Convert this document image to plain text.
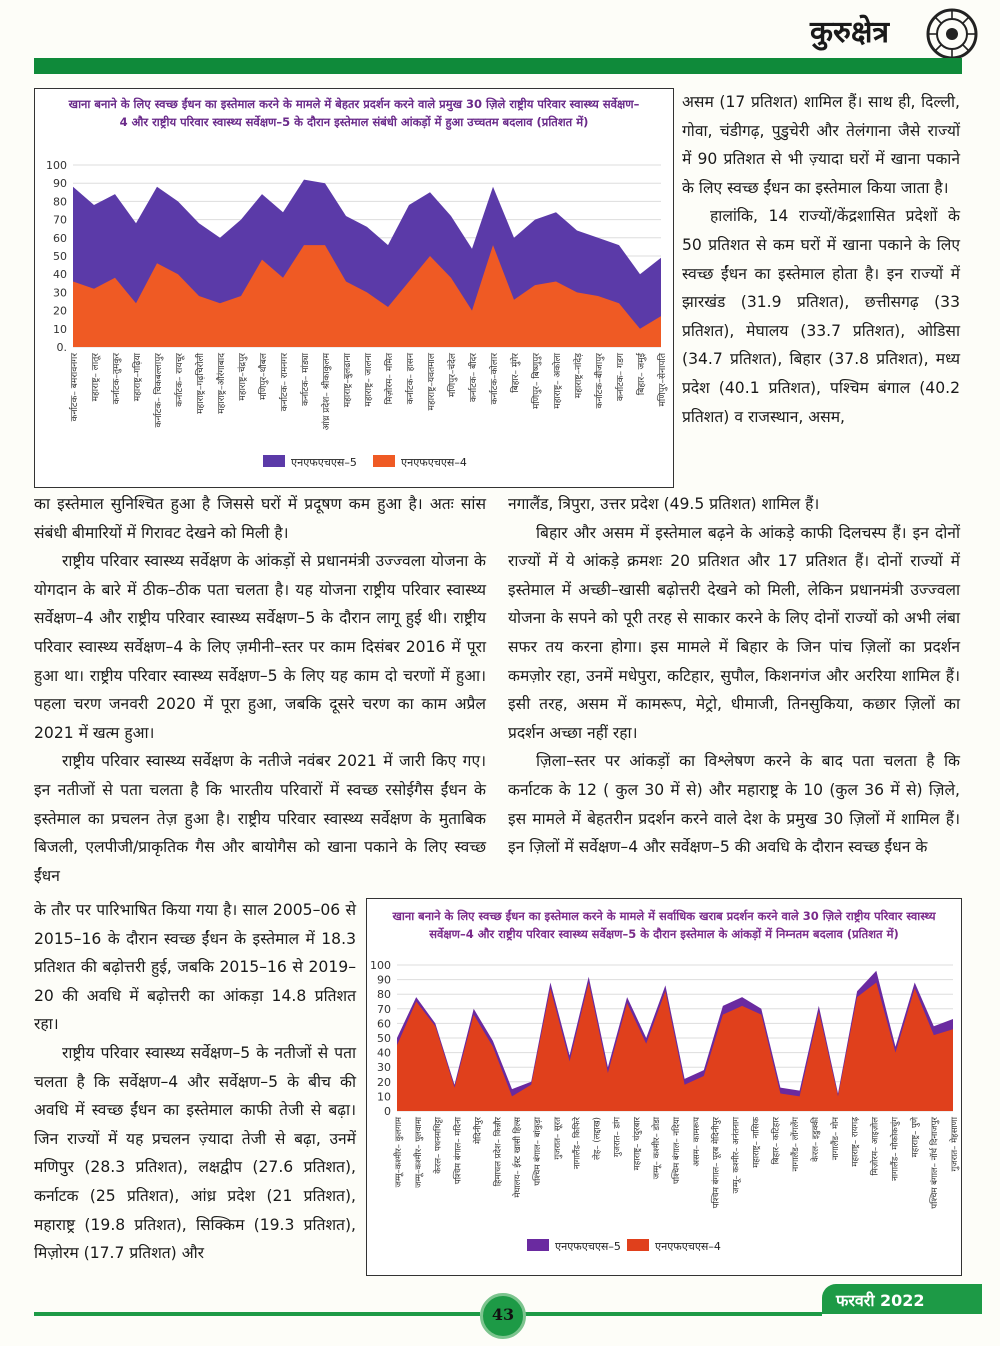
कुरुक्षेत्र
खाना बनाने के लिए स्वच्छ ईंधन का इस्तेमाल करने के मामले में बेहतर प्रदर्शन करने वाले प्रमुख 30 ज़िले राष्ट्रीय परिवार स्वास्थ्य सर्वेक्षण–4 और राष्ट्रीय परिवार स्वास्थ्य सर्वेक्षण–5 के दौरान इस्तेमाल संबंधी आंकड़ों में हुआ उच्चतम बदलाव (प्रतिशत में)
0.
10
20
30
40
50
60
70
80
90
100
कर्नाटक– बमरावनगर महाराष्ट्र– लातूर कर्नाटक–तुमकुर महाराष्ट्र–गढ़िया कर्नाटक– चिकबल्लापुर कर्नाटक– रायचूर महाराष्ट्र–गढ़चिरोली महाराष्ट्र–औरंगाबाद महाराष्ट्र–चंद्रपुर मणिपुर–थौबल कर्नाटक– रामनगर कर्नाटक– मांड्या आंध्र प्रदेश– श्रीकाकुलम महाराष्ट्र–बुलढाना महाराष्ट्र– जालना मिज़ोरम– ममित कर्नाटक– हासन महाराष्ट्र–यवतमाल मणिपुर–चंदेल कर्नाटक– बीदर कर्नाटक–कोलार बिहार– मुंगेर मणिपुर– बिष्णुपुर महाराष्ट्र– अकोला महाराष्ट्र–नांदेड़ कर्नाटक–बीजापुर कर्नाटक– गडग बिहार– जमुई मणिपुर–सेनापति
एनएफएचएस–5	एनएफएचएस–4

असम (17 प्रतिशत) शामिल हैं। साथ ही, दिल्ली, गोवा, चंडीगढ़, पुडुचेरी और तेलंगाना जैसे राज्यों में 90 प्रतिशत से भी ज़्यादा घरों में खाना पकाने के लिए स्वच्छ ईंधन का इस्तेमाल किया जाता है।

हालांकि, 14 राज्यों/केंद्रशासित प्रदेशों के 50 प्रतिशत से कम घरों में खाना पकाने के लिए स्वच्छ ईंधन का इस्तेमाल होता है। इन राज्यों में झारखंड (31.9 प्रतिशत), छत्तीसगढ़ (33 प्रतिशत), मेघालय (33.7 प्रतिशत), ओडिसा (34.7 प्रतिशत), बिहार (37.8 प्रतिशत), मध्य प्रदेश (40.1 प्रतिशत), पश्चिम बंगाल (40.2 प्रतिशत) व राजस्थान, असम,

का इस्तेमाल सुनिश्चित हुआ है जिससे घरों में प्रदूषण कम हुआ है। अतः सांस संबंधी बीमारियों में गिरावट देखने को मिली है।

राष्ट्रीय परिवार स्वास्थ्य सर्वेक्षण के आंकड़ों से प्रधानमंत्री उज्ज्वला योजना के योगदान के बारे में ठीक–ठीक पता चलता है। यह योजना राष्ट्रीय परिवार स्वास्थ्य सर्वेक्षण–4 और राष्ट्रीय परिवार स्वास्थ्य सर्वेक्षण–5 के दौरान लागू हुई थी। राष्ट्रीय परिवार स्वास्थ्य सर्वेक्षण–4 के लिए ज़मीनी–स्तर पर काम दिसंबर 2016 में पूरा हुआ था। राष्ट्रीय परिवार स्वास्थ्य सर्वेक्षण–5 के लिए यह काम दो चरणों में हुआ। पहला चरण जनवरी 2020 में पूरा हुआ, जबकि दूसरे चरण का काम अप्रैल 2021 में खत्म हुआ।

राष्ट्रीय परिवार स्वास्थ्य सर्वेक्षण के नतीजे नवंबर 2021 में जारी किए गए। इन नतीजों से पता चलता है कि भारतीय परिवारों में स्वच्छ रसोईगैस ईंधन के इस्तेमाल का प्रचलन तेज़ हुआ है। राष्ट्रीय परिवार स्वास्थ्य सर्वेक्षण के मुताबिक बिजली, एलपीजी/प्राकृतिक गैस और बायोगैस को खाना पकाने के लिए स्वच्छ ईंधन

नगालैंड, त्रिपुरा, उत्तर प्रदेश (49.5 प्रतिशत) शामिल हैं।

बिहार और असम में इस्तेमाल बढ़ने के आंकड़े काफी दिलचस्प हैं। इन दोनों राज्यों में ये आंकड़े क्रमशः 20 प्रतिशत और 17 प्रतिशत हैं। दोनों राज्यों में इस्तेमाल में अच्छी–खासी बढ़ोत्तरी देखने को मिली, लेकिन प्रधानमंत्री उज्ज्वला योजना के सपने को पूरी तरह से साकार करने के लिए दोनों राज्यों को अभी लंबा सफर तय करना होगा। इस मामले में बिहार के जिन पांच ज़िलों का प्रदर्शन कमज़ोर रहा, उनमें मधेपुरा, कटिहार, सुपौल, किशनगंज और अररिया शामिल हैं। इसी तरह, असम में कामरूप, मेट्रो, धीमाजी, तिनसुकिया, कछार ज़िलों का प्रदर्शन अच्छा नहीं रहा।

ज़िला–स्तर पर आंकड़ों का विश्लेषण करने के बाद पता चलता है कि कर्नाटक के 12 ( कुल 30 में से) और महाराष्ट्र के 10 (कुल 36 में से) ज़िले, इस मामले में बेहतरीन प्रदर्शन करने वाले देश के प्रमुख 30 ज़िलों में शामिल हैं। इन ज़िलों में सर्वेक्षण–4 और सर्वेक्षण–5 की अवधि के दौरान स्वच्छ ईंधन के

के तौर पर पारिभाषित किया गया है। साल 2005–06 से 2015–16 के दौरान स्वच्छ ईंधन के इस्तेमाल में 18.3 प्रतिशत की बढ़ोत्तरी हुई, जबकि 2015–16 से 2019–20 की अवधि में बढ़ोत्तरी का आंकड़ा 14.8 प्रतिशत रहा।

राष्ट्रीय परिवार स्वास्थ्य सर्वेक्षण–5 के नतीजों से पता चलता है कि सर्वेक्षण–4 और सर्वेक्षण–5 के बीच की अवधि में स्वच्छ ईंधन का इस्तेमाल काफी तेजी से बढ़ा। जिन राज्यों में यह प्रचलन ज़्यादा तेजी से बढ़ा, उनमें मणिपुर (28.3 प्रतिशत), लक्षद्वीप (27.6 प्रतिशत), कर्नाटक (25 प्रतिशत), आंध्र प्रदेश (21 प्रतिशत), महाराष्ट्र (19.8 प्रतिशत), सिक्किम (19.3 प्रतिशत), मिज़ोरम (17.7 प्रतिशत) और

खाना बनाने के लिए स्वच्छ ईंधन का इस्तेमाल करने के मामले में सर्वाधिक खराब प्रदर्शन करने वाले 30 ज़िले राष्ट्रीय परिवार स्वास्थ्य सर्वेक्षण–4 और राष्ट्रीय परिवार स्वास्थ्य सर्वेक्षण–5 के दौरान इस्तेमाल के आंकड़ों में निम्नतम बदलाव (प्रतिशत में)
0
10
20
30
40
50
60
70
80
90
100
जम्मू–कश्मीर– कुलगाम जम्मू–कश्मीर– पुलवामा केरल– पथनमथिट्टा पश्चिम बंगाल– मदिना मेदिनीपुर हिमाचल प्रदेश– किन्नौर मेघालय– ईस्ट खासी हिल्स पश्चिम बंगाल– बांकुड़ा गुजरात– सूरत नागालैंड– किफिरे लेह– (लद्दाख) गुजरात– डांग महाराष्ट्र– चंदुरबार जम्मू– कश्मीर– डोडा पश्चिम बंगाल– नदिया असम– कामरूप पश्चिम बंगाल– पूरब मेदिनीपुर जम्मू– कश्मीर– अनंतनाग महाराष्ट्र– नासिक बिहार– कटिहार नागालैंड– लोंगलेंग केरल– इडुक्की नागालैंड– मोन महाराष्ट्र– रायगढ़ मिज़ोरम– आइज़ोल नागालैंड– मोकोकचुंग महाराष्ट्र– पुणे पश्चिम बंगाल– नॉर्थ दिनाजपुर गुजरात– मेहसाणा
एनएफएचएस–5	एनएफएचएस–4
43
फरवरी 2022
